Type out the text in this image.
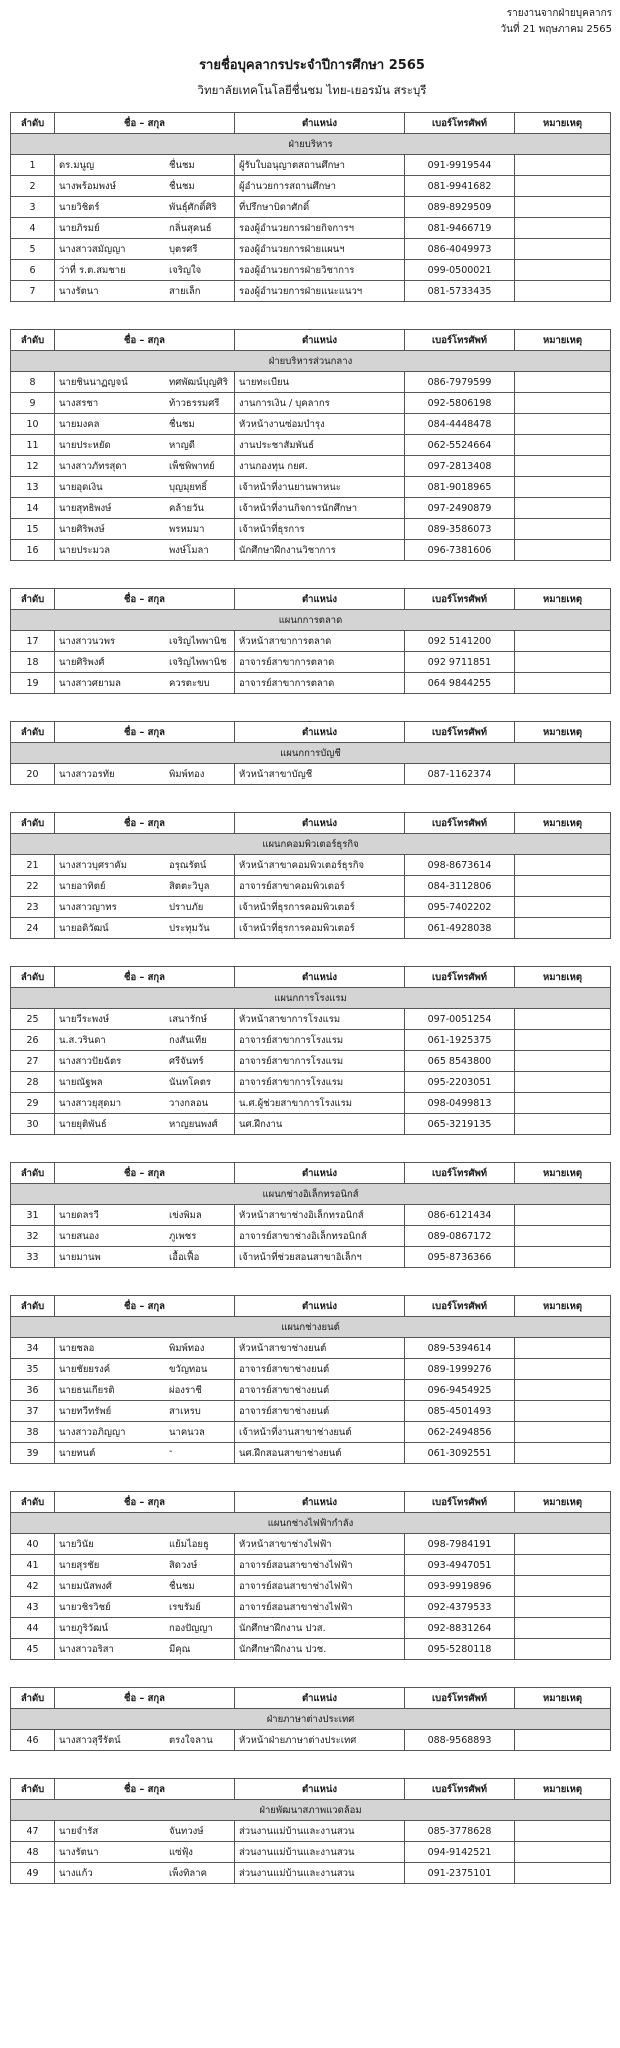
รายงานจากฝ่ายบุคลากร
วันที่ 21 พฤษภาคม 2565
รายชื่อบุคลากรประจำปีการศึกษา 2565
วิทยาลัยเทคโนโลยีชื่นชม ไทย-เยอรมัน สระบุรี
ลำดับ	ชื่อ – สกุล	ตำแหน่ง	เบอร์โทรศัพท์	หมายเหตุ
ฝ่ายบริหาร				
1	ดร.มนูญ ชื่นชม	ผู้รับใบอนุญาตสถานศึกษา	091-9919544	
2	นางพร้อมพงษ์ ชื่นชม	ผู้อำนวยการสถานศึกษา	081-9941682	
3	นายวิชิตร์ พันธุ์ศักดิ์ศิริ	ที่ปรึกษาบิดาศักดิ์	089-8929509	
4	นายภิรมย์ กลิ่นสุคนธ์	รองผู้อำนวยการฝ่ายกิจการฯ	081-9466719	
5	นางสาวสมัญญา บุตรศรี	รองผู้อำนวยการฝ่ายแผนฯ	086-4049973	
6	ว่าที่ ร.ต.สมชาย เจริญใจ	รองผู้อำนวยการฝ่ายวิชาการ	099-0500021	
7	นางรัตนา สายเล็ก	รองผู้อำนวยการฝ่ายแนะแนวฯ	081-5733435	
ลำดับ	ชื่อ – สกุล	ตำแหน่ง	เบอร์โทรศัพท์	หมายเหตุ
ฝ่ายบริหารส่วนกลาง				
8	นายชินนาฏญจน์ ทศพัฒน์บุญศิริ	นายทะเบียน	086-7979599	
9	นางสรชา ท้าวธรรมศรี	งานการเงิน / บุคลากร	092-5806198	
10	นายมงคล ชื่นชม	หัวหน้างานซ่อมบำรุง	084-4448478	
11	นายประหยัด หาญดี	งานประชาสัมพันธ์	062-5524664	
12	นางสาวภัทรสุดา เพ็ชพิพาทย์	งานกองทุน กยศ.	097-2813408	
13	นายอุดเงิน บุญมุยทธิ์	เจ้าหน้าที่งานยานพาหนะ	081-9018965	
14	นายสุทธิพงษ์ คล้ายวัน	เจ้าหน้าที่งานกิจการนักศึกษา	097-2490879	
15	นายศิริพงษ์ พรหมมา	เจ้าหน้าที่ธุรการ	089-3586073	
16	นายประมวล พงษ์โมลา	นักศึกษาฝึกงานวิชาการ	096-7381606	
ลำดับ	ชื่อ – สกุล	ตำแหน่ง	เบอร์โทรศัพท์	หมายเหตุ
แผนกการตลาด				
17	นางสาวนวพร เจริญไพพานิช	หัวหน้าสาขาการตลาด	092 5141200	
18	นายศิริพงศ์ เจริญไพพานิช	อาจารย์สาขาการตลาด	092 9711851	
19	นางสาวศยามล ควรตะขบ	อาจารย์สาขาการตลาด	064 9844255	
ลำดับ	ชื่อ – สกุล	ตำแหน่ง	เบอร์โทรศัพท์	หมายเหตุ
แผนกการบัญชี				
20	นางสาวอรทัย พิมพ์ทอง	หัวหน้าสาขาบัญชี	087-1162374	
ลำดับ	ชื่อ – สกุล	ตำแหน่ง	เบอร์โทรศัพท์	หมายเหตุ
แผนกคอมพิวเตอร์ธุรกิจ				
21	นางสาวบุศราคัม อรุณรัตน์	หัวหน้าสาขาคอมพิวเตอร์ธุรกิจ	098-8673614	
22	นายอาทิตย์ สิตตะวิบูล	อาจารย์สาขาคอมพิวเตอร์	084-3112806	
23	นางสาวญาทร ปราบภัย	เจ้าหน้าที่ธุรการคอมพิวเตอร์	095-7402202	
24	นายอดิวัฒน์ ประทุมวัน	เจ้าหน้าที่ธุรการคอมพิวเตอร์	061-4928038	
ลำดับ	ชื่อ – สกุล	ตำแหน่ง	เบอร์โทรศัพท์	หมายเหตุ
แผนกการโรงแรม				
25	นายวีระพงษ์ เสนารักษ์	หัวหน้าสาขาการโรงแรม	097-0051254	
26	น.ส.วรินดา กงสันเทีย	อาจารย์สาขาการโรงแรม	061-1925375	
27	นางสาวปัยฉัตร ศรีจันทร์	อาจารย์สาขาการโรงแรม	065 8543800	
28	นายณัฐพล นันทโคตร	อาจารย์สาขาการโรงแรม	095-2203051	
29	นางสาวยุสุดมา วางกลอน	น.ศ.ผู้ช่วยสาขาการโรงแรม	098-0499813	
30	นายยุติพันธ์ หาญยนพงศ์	นศ.ฝึกงาน	065-3219135	
ลำดับ	ชื่อ – สกุล	ตำแหน่ง	เบอร์โทรศัพท์	หมายเหตุ
แผนกช่างอิเล็กทรอนิกส์				
31	นายดลรวี เข่งพิมล	หัวหน้าสาขาช่างอิเล็กทรอนิกส์	086-6121434	
32	นายสนอง ภูเพชร	อาจารย์สาขาช่างอิเล็กทรอนิกส์	089-0867172	
33	นายมานพ เอื้อเฟื้อ	เจ้าหน้าที่ช่วยสอนสาขาอิเล็กฯ	095-8736366	
ลำดับ	ชื่อ – สกุล	ตำแหน่ง	เบอร์โทรศัพท์	หมายเหตุ
แผนกช่างยนต์				
34	นายชลอ พิมพ์ทอง	หัวหน้าสาขาช่างยนต์	089-5394614	
35	นายชัยยรงค์ ขวัญทอน	อาจารย์สาขาช่างยนต์	089-1999276	
36	นายธนเกียรติ ผ่องราชี	อาจารย์สาขาช่างยนต์	096-9454925	
37	นายทวีทรัพย์ สาเหรบ	อาจารย์สาขาช่างยนต์	085-4501493	
38	นางสาวอภิญญา นาคนวล	เจ้าหน้าที่งานสาขาช่างยนต์	062-2494856	
39	นายทนต์ -	นศ.ฝึกสอนสาขาช่างยนต์	061-3092551	
ลำดับ	ชื่อ – สกุล	ตำแหน่ง	เบอร์โทรศัพท์	หมายเหตุ
แผนกช่างไฟฟ้ากำลัง				
40	นายวินัย แย้มไอยธู	หัวหน้าสาขาช่างไฟฟ้า	098-7984191	
41	นายสุรชัย สิดวงษ์	อาจารย์สอนสาขาช่างไฟฟ้า	093-4947051	
42	นายมนัสพงศ์ ชื่นชม	อาจารย์สอนสาขาช่างไฟฟ้า	093-9919896	
43	นายวชิรวิชย์ เรขรัมย์	อาจารย์สอนสาขาช่างไฟฟ้า	092-4379533	
44	นายภูริวัฒน์ กองปัญญา	นักศึกษาฝึกงาน ปวส.	092-8831264	
45	นางสาวอริสา มีคุณ	นักศึกษาฝึกงาน ปวช.	095-5280118	
ลำดับ	ชื่อ – สกุล	ตำแหน่ง	เบอร์โทรศัพท์	หมายเหตุ
ฝ่ายภาษาต่างประเทศ				
46	นางสาวสุรีรัตน์ ตรงใจลาน	หัวหน้าฝ่ายภาษาต่างประเทศ	088-9568893	
ลำดับ	ชื่อ – สกุล	ตำแหน่ง	เบอร์โทรศัพท์	หมายเหตุ
ฝ่ายพัฒนาสภาพแวดล้อม				
47	นายจำรัส จันทวงษ์	ส่วนงานแม่บ้านและงานสวน	085-3778628	
48	นางรัตนา แซ่ฟุ้ง	ส่วนงานแม่บ้านและงานสวน	094-9142521	
49	นางแก้ว เพ็งทิลาค	ส่วนงานแม่บ้านและงานสวน	091-2375101	
